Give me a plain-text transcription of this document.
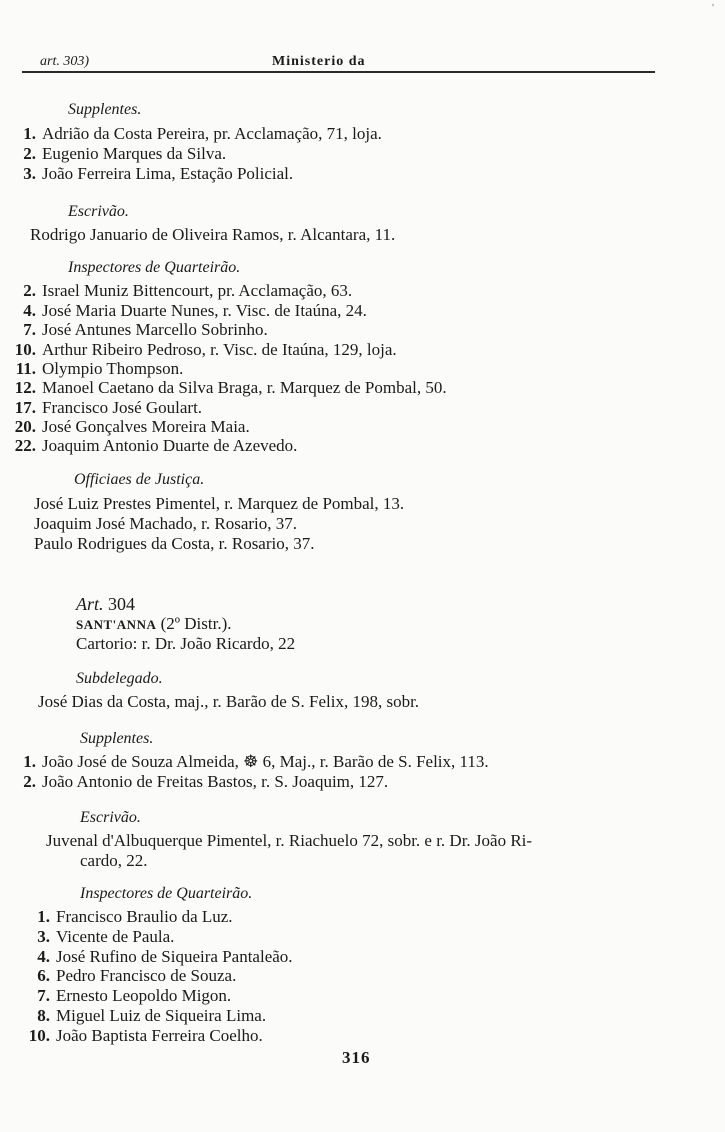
art. 303)	Ministerio da
'
Supplentes.
1. Adrião da Costa Pereira, pr. Acclamação, 71, loja.
2. Eugenio Marques da Silva.
3. João Ferreira Lima, Estação Policial.
Escrivão.
Rodrigo Januario de Oliveira Ramos, r. Alcantara, 11.
Inspectores de Quarteirão.
2. Israel Muniz Bittencourt, pr. Acclamação, 63.
4. José Maria Duarte Nunes, r. Visc. de Itaúna, 24.
7. José Antunes Marcello Sobrinho.
10. Arthur Ribeiro Pedroso, r. Visc. de Itaúna, 129, loja.
11. Olympio Thompson.
12. Manoel Caetano da Silva Braga, r. Marquez de Pombal, 50.
17. Francisco José Goulart.
20. José Gonçalves Moreira Maia.
22. Joaquim Antonio Duarte de Azevedo.
Officiaes de Justiça.
José Luiz Prestes Pimentel, r. Marquez de Pombal, 13.
Joaquim José Machado, r. Rosario, 37.
Paulo Rodrigues da Costa, r. Rosario, 37.
Art. 304
SANT'ANNA (2º Distr.).
Cartorio: r. Dr. João Ricardo, 22
Subdelegado.
José Dias da Costa, maj., r. Barão de S. Felix, 198, sobr.
Supplentes.
1. João José de Souza Almeida, ☸ 6, Maj., r. Barão de S. Felix, 113.
2. João Antonio de Freitas Bastos, r. S. Joaquim, 127.
Escrivão.
Juvenal d'Albuquerque Pimentel, r. Riachuelo 72, sobr. e r. Dr. João Ri-
cardo, 22.
Inspectores de Quarteirão.
1. Francisco Braulio da Luz.
3. Vicente de Paula.
4. José Rufino de Siqueira Pantaleão.
6. Pedro Francisco de Souza.
7. Ernesto Leopoldo Migon.
8. Miguel Luiz de Siqueira Lima.
10. João Baptista Ferreira Coelho.
316
